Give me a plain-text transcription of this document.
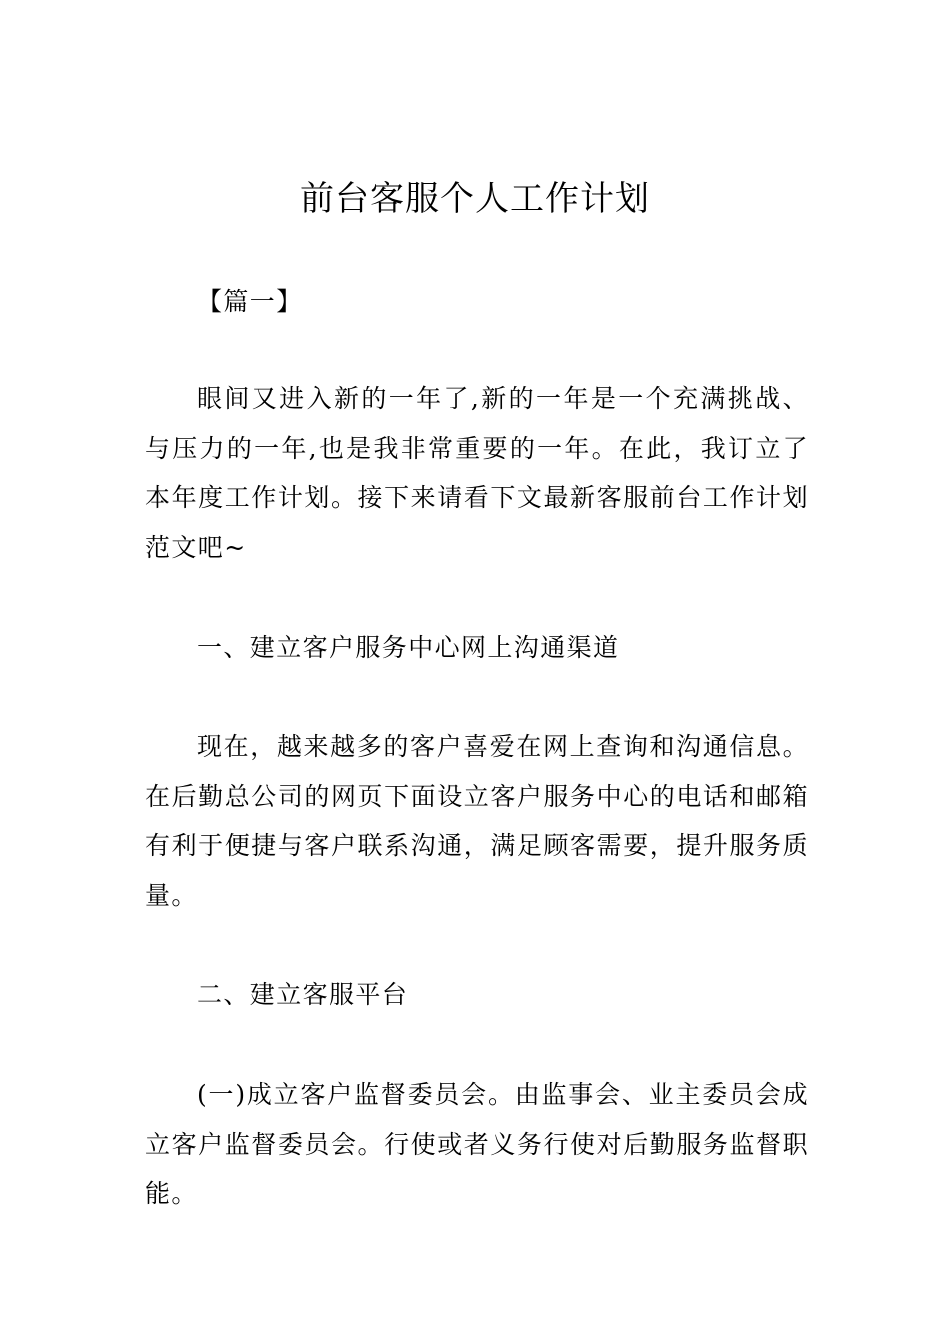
前台客服个人工作计划

【篇一】

眼间又进入新的一年了,新的一年是一个充满挑战、与压力的一年,也是我非常重要的一年。在此，我订立了本年度工作计划。接下来请看下文最新客服前台工作计划范文吧~

一、建立客户服务中心网上沟通渠道

现在，越来越多的客户喜爱在网上查询和沟通信息。在后勤总公司的网页下面设立客户服务中心的电话和邮箱有利于便捷与客户联系沟通，满足顾客需要，提升服务质量。

二、建立客服平台

(一)成立客户监督委员会。由监事会、业主委员会成立客户监督委员会。行使或者义务行使对后勤服务监督职能。
